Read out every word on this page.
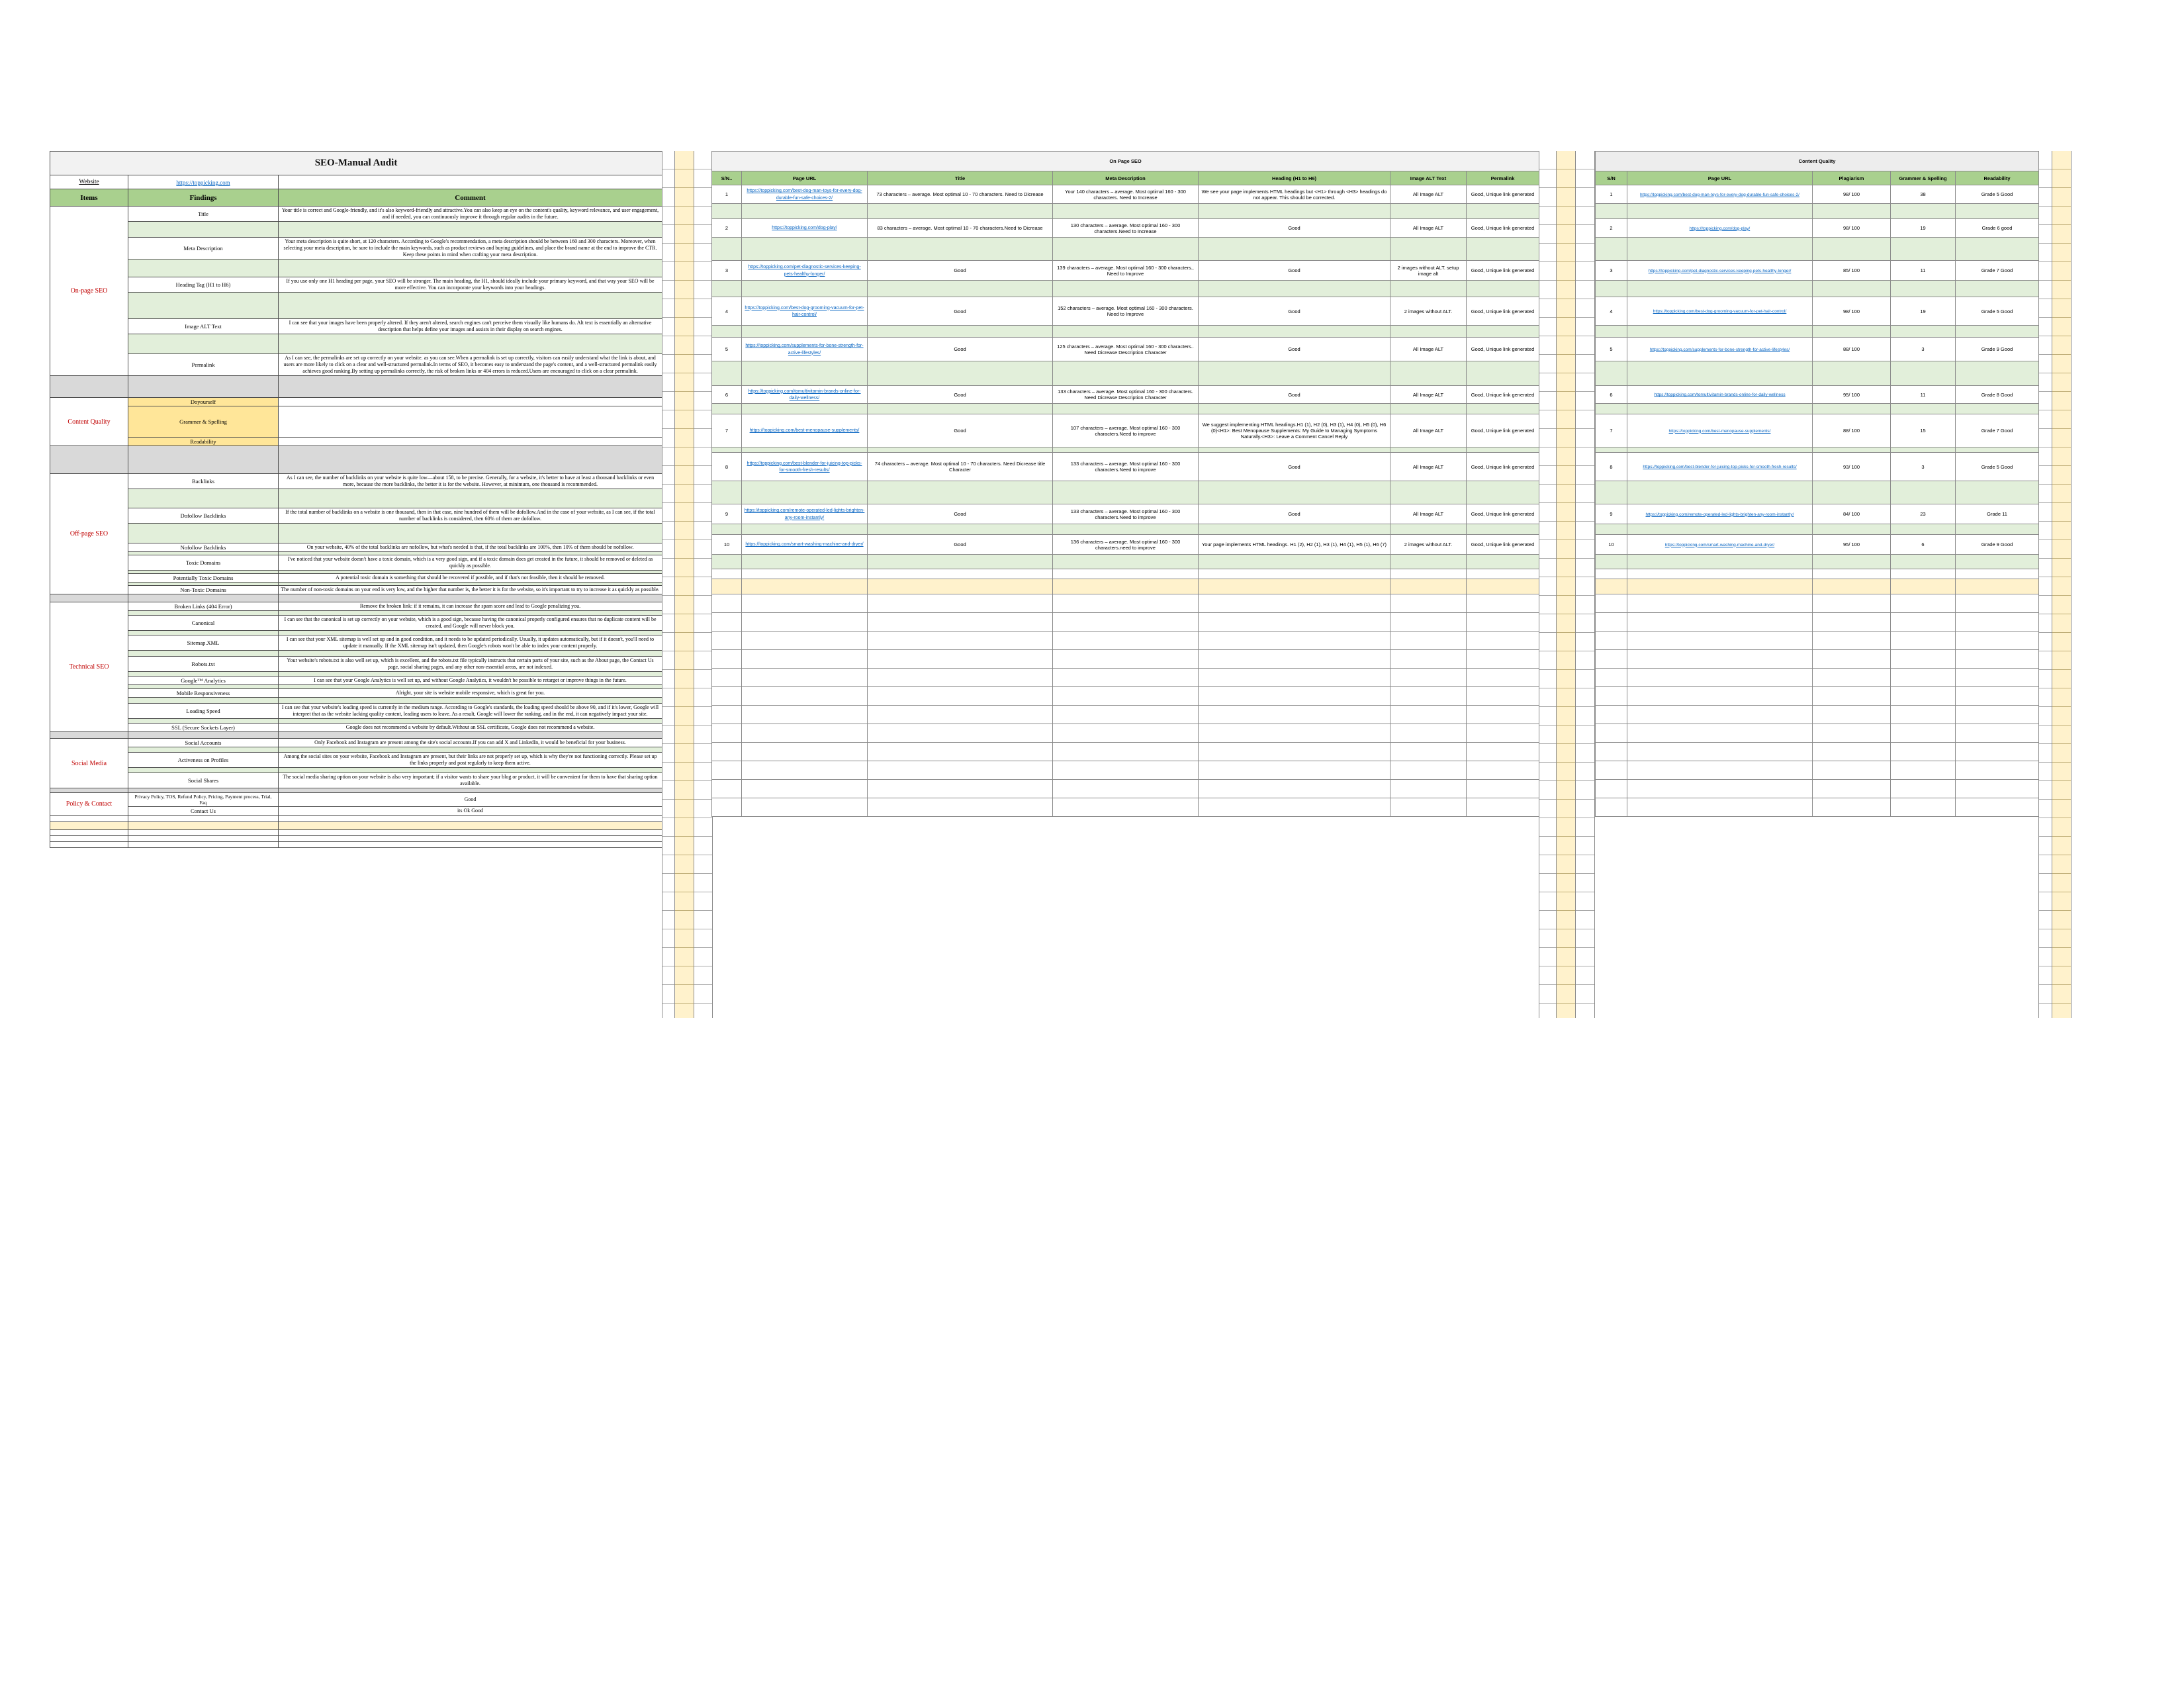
SEO-Manual Audit		
Website	https://toppicking.com	
Items	Findings	Comment
On-page SEO	Title	Your title is correct and Google-friendly, and it's also keyword-friendly and attractive.You can also keep an eye on the content's quality, keyword relevance, and user engagement, and if needed, you can continuously improve it through regular audits in the future.

	Meta Description	Your meta description is quite short, at 120 characters. According to Google's recommendation, a meta description should be between 160 and 300 characters. Moreover, when selecting your meta description, be sure to include the main keywords, such as product reviews and buying guidelines, and place the brand name at the end to improve the CTR. Keep these points in mind when crafting your meta description.

	Heading Tag (H1 to H6)	If you use only one H1 heading per page, your SEO will be stronger. The main heading, the H1, should ideally include your primary keyword, and that way your SEO will be more effective. You can incorporate your keywords into your headings.

	Image ALT Text	I can see that your images have been properly altered. If they aren't altered, search engines can't perceive them visually like humans do. Alt text is essentially an alternative description that helps define your images and assists in their display on search engines.

	Permalink	As I can see, the permalinks are set up correctly on your website. as you can see.When a permalink is set up correctly, visitors can easily understand what the link is about, and users are more likely to click on a clear and well-structured permalink.In terms of SEO, it becomes easy to understand the page's content, and a well-structured permalink easily achieves good ranking.By setting up permalinks correctly, the risk of broken links or 404 errors is reduced.Users are encouraged to click on a clear permalink.

Content Quality	Doyourself	
	Grammer & Spelling	
	Readability	

Off-page SEO	Backlinks	As I can see, the number of backlinks on your website is quite low—about 158, to be precise. Generally, for a website, it's better to have at least a thousand backlinks or even more, because the more backlinks, the better it is for the website. However, at minimum, one thousand is recommended.

	Dofollow Backlinks	If the total number of backlinks on a website is one thousand, then in that case, nine hundred of them will be dofollow.And in the case of your website, as I can see, if the total number of backlinks is considered, then 60% of them are dofollow.

	Nofollow Backlinks	On your website, 40% of the total backlinks are nofollow, but what's needed is that, if the total backlinks are 100%, then 10% of them should be nofollow.

	Toxic Domains	I've noticed that your website doesn't have a toxic domain, which is a very good sign, and if a toxic domain does get created in the future, it should be removed or deleted as quickly as possible.

	Potentially Toxic Domains	A potential toxic domain is something that should be recovered if possible, and if that's not feasible, then it should be removed.

	Non-Toxic Domains	The number of non-toxic domains on your end is very low, and the higher that number is, the better it is for the website, so it's important to try to increase it as quickly as possible.

Technical SEO	Broken Links (404 Error)	Remove the broken link: if it remains, it can increase the spam score and lead to Google penalizing you.

	Canonical	I can see that the canonical is set up correctly on your website, which is a good sign, because having the canonical properly configured ensures that no duplicate content will be created, and Google will never block you.

	Sitemap.XML	I can see that your XML sitemap is well set up and in good condition, and it needs to be updated periodically. Usually, it updates automatically, but if it doesn't, you'll need to update it manually. If the XML sitemap isn't updated, then Google's robots won't be able to index your content properly.

	Robots.txt	Your website's robots.txt is also well set up, which is excellent, and the robots.txt file typically instructs that certain parts of your site, such as the About page, the Contact Us page, social sharing pages, and any other non-essential areas, are not indexed.

	Google™ Analytics	I can see that your Google Analytics is well set up, and without Google Analytics, it wouldn't be possible to retarget or improve things in the future.

	Mobile Responsiveness	Alright, your site is website mobile responsive, which is great for you.

	Loading Speed	I can see that your website's loading speed is currently in the medium range. According to Google's standards, the loading speed should be above 90, and if it's lower, Google will interpret that as the website lacking quality content, leading users to leave. As a result, Google will lower the ranking, and in the end, it can negatively impact your site.

	SSL (Secure Sockets Layer)	Google does not recommend a website by default.Without an SSL certificate, Google does not recommend a website.

Social Media	Social Accounts	Only Facebook and Instagram are present among the site's social accounts.If you can add X and LinkedIn, it would be beneficial for your business.

	Activeness on Profiles	Among the social sites on your website, Facebook and Instagram are present, but their links are not properly set up, which is why they're not functioning correctly. Please set up the links properly and post regularly to keep them active.

	Social Shares	The social media sharing option on your website is also very important; if a visitor wants to share your blog or product, it will be convenient for them to have that sharing option available.

Policy & Contact	Privacy Policy, TOS, Refund Policy, Pricing, Payment process, Trial, Faq	Good
	Contact Us	its Ok Good

On Page SEO						
S/N..	Page URL	Title	Meta Description	Heading (H1 to H6)	Image ALT Text	Permalink
1	https://toppicking.com/best-dog-man-toys-for-every-dog-durable-fun-safe-choices-2/	73 characters – average. Most optimal 10 - 70 characters. Need to Dicrease	Your 140 characters – average. Most optimal 160 - 300 characters. Need to Increase	We see your page implements HTML headings but <H1> through <H3> headings do not appear. This should be corrected.	All Image ALT	Good, Unique link generated

2	https://toppicking.com/dog-play/	83 characters – average. Most optimal 10 - 70 characters.Need to Dicrease	130 characters – average. Most optimal 160 - 300 characters.Need to Increase	Good	All Image ALT	Good, Unique link generated

3	https://toppicking.com/pet-diagnostic-services-keeping-pets-healthy-longer/	Good	139 characters – average. Most optimal 160 - 300 characters., Need to Improve	Good	2 images without ALT. setup image alt	Good, Unique link generated

4	https://toppicking.com/best-dog-grooming-vacuum-for-pet-hair-control/	Good	152 characters – average. Most optimal 160 - 300 characters. Need to Improve	Good	2 images without ALT.	Good, Unique link generated

5	https://toppicking.com/supplements-for-bone-strength-for-active-lifestyles/	Good	125 characters – average. Most optimal 160 - 300 characters.. Need Dicrease Description Character	Good	All Image ALT	Good, Unique link generated

6	https://toppicking.com/tomultivitamin-brands-online-for-daily-wellness/	Good	133 characters – average. Most optimal 160 - 300 characters. Need Dicrease Description Character	Good	All Image ALT	Good, Unique link generated

7	https://toppicking.com/best-menopause-supplements/	Good	107 characters – average. Most optimal 160 - 300 characters.Need to improve	We suggest implementing HTML headings.H1 (1), H2 (0), H3 (1), H4 (0), H5 (0), H6 (0)<H1>: Best Menopause Supplements: My Guide to Managing Symptoms Naturally.<H3>: Leave a Comment Cancel Reply	All Image ALT	Good, Unique link generated

8	https://toppicking.com/best-blender-for-juicing-top-picks-for-smooth-fresh-results/	74 characters – average. Most optimal 10 - 70 characters. Need Dicrease title Character	133 characters – average. Most optimal 160 - 300 characters.Need to improve	Good	All Image ALT	Good, Unique link generated

9	https://toppicking.com/remote-operated-led-lights-brighten-any-room-instantly/	Good	133 characters – average. Most optimal 160 - 300 characters.Need to improve	Good	All Image ALT	Good, Unique link generated

10	https://toppicking.com/smart-washing-machine-and-dryer/	Good	136 characters – average. Most optimal 160 - 300 characters.need to improve	Your page implements HTML headings. H1 (2), H2 (1), H3 (1), H4 (1), H5 (1), H6 (7)	2 images without ALT.	Good, Unique link generated

Content Quality				
S/N	Page URL	Plagiarism	Grammer & Spelling	Readability
1	https://toppicking.com/best-dog-man-toys-for-every-dog-durable-fun-safe-choices-2/	98/ 100	38	Grade 5 Good

2	https://toppicking.com/dog-play/	98/ 100	19	Grade 6 good

3	https://toppicking.com/pet-diagnostic-services-keeping-pets-healthy-longer/	85/ 100	11	Grade 7 Good

4	https://toppicking.com/best-dog-grooming-vacuum-for-pet-hair-control/	98/ 100	19	Grade 5 Good

5	https://toppicking.com/supplements-for-bone-strength-for-active-lifestyles/	88/ 100	3	Grade 9 Good

6	https://toppicking.com/tomultivitamin-brands-online-for-daily-wellness	95/ 100	11	Grade 8 Good

7	https://toppicking.com/best-menopause-supplements/	88/ 100	15	Grade 7 Good

8	https://toppicking.com/best-blender-for-juicing-top-picks-for-smooth-fresh-results/	93/ 100	3	Grade 5 Good

9	https://toppicking.com/remote-operated-led-lights-brighten-any-room-instantly/	84/ 100	23	Grade 11

10	https://toppicking.com/smart-washing-machine-and-dryer/	95/ 100	6	Grade 9 Good
